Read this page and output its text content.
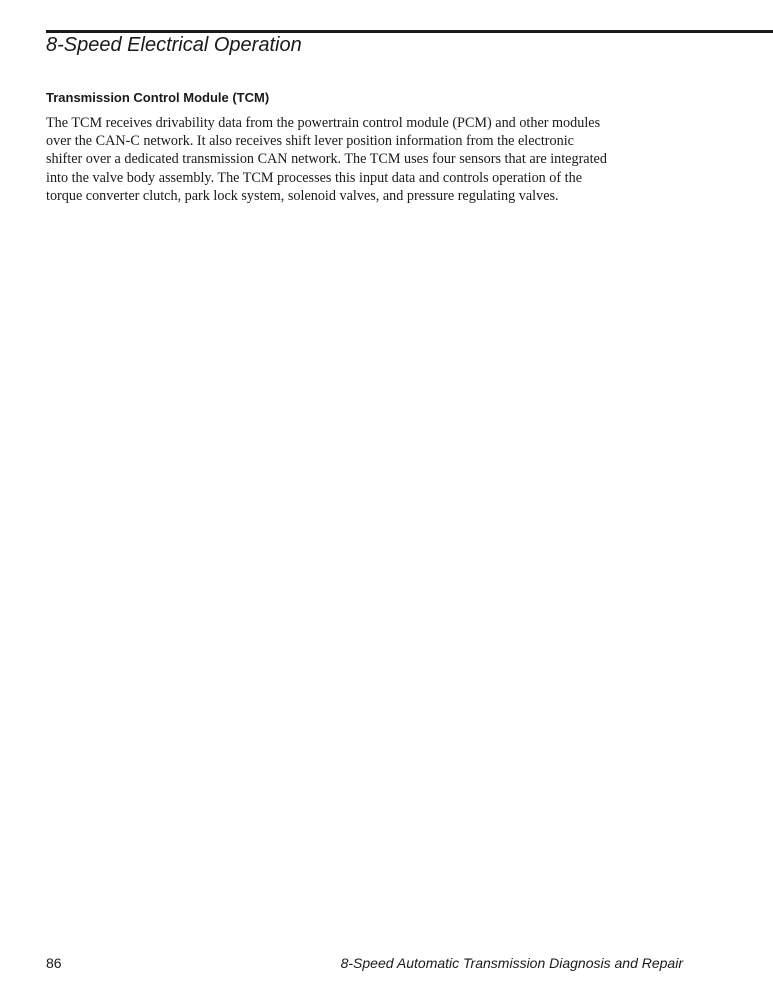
8-Speed Electrical Operation
Transmission Control Module (TCM)
The TCM receives drivability data from the powertrain control module (PCM) and other modules
over the CAN-C network. It also receives shift lever position information from the electronic
shifter over a dedicated transmission CAN network. The TCM uses four sensors that are integrated
into the valve body assembly. The TCM processes this input data and controls operation of the
torque converter clutch, park lock system, solenoid valves, and pressure regulating valves.
86	8-Speed Automatic Transmission Diagnosis and Repair
